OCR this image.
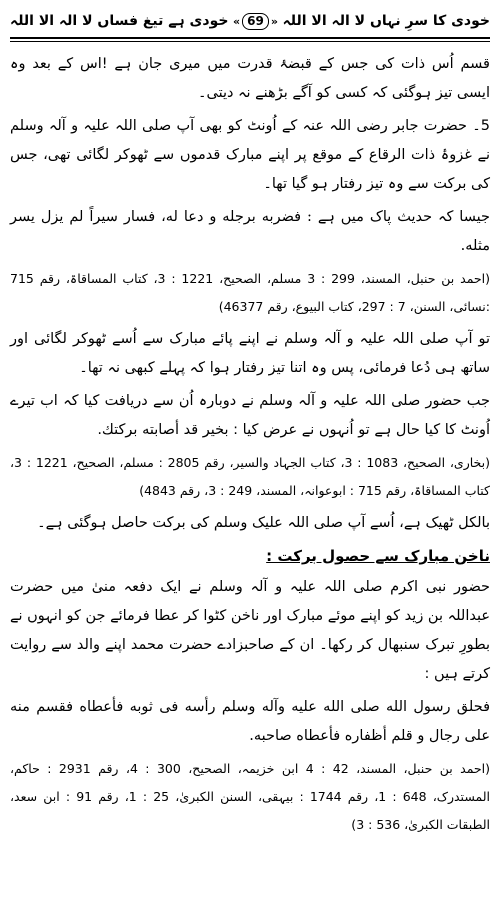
خودی کا سرِ نہاں لا الہ الا اللہ
« 69 »
خودی ہے تیغ فساں لا الہ الا اللہ

قسم اُس ذات کی جس کے قبضۂ قدرت میں میری جان ہے !اس کے بعد وہ ایسی تیز ہوگئی کہ کسی کو آگے بڑھنے نہ دیتی۔

5۔ حضرت جابر رضی اللہ عنہ کے اُونٹ کو بھی آپ صلی اللہ علیہ و آلہ وسلم نے غزوۂ ذات الرقاع کے موقع پر اپنے مبارک قدموں سے ٹھوکر لگائی تھی، جس کی برکت سے وہ تیز رفتار ہو گیا تھا۔

جیسا کہ حدیث پاک میں ہے : فضربه برجله و دعا له، فسار سيراً لم يزل يسر مثله.

(احمد بن حنبل، المسند، 299 : 3 مسلم، الصحیح، 1221 : 3، کتاب المساقاۃ، رقم 715 :نسائی، السنن، 7 : 297، کتاب البیوع، رقم 46377)

تو آپ صلی اللہ علیہ و آلہ وسلم نے اپنے پائے مبارک سے اُسے ٹھوکر لگائی اور ساتھ ہی دُعا فرمائی، پس وہ اتنا تیز رفتار ہوا کہ پہلے کبھی نہ تھا۔

جب حضور صلی اللہ علیہ و آلہ وسلم نے دوبارہ اُن سے دریافت کیا کہ اب تیرے اُونٹ کا کیا حال ہے تو اُنہوں نے عرض کیا : بخير قد أصابته بركتك.

(بخاری، الصحیح، 1083 : 3، کتاب الجہاد والسیر، رقم 2805 : مسلم، الصحیح، 1221 : 3، کتاب المساقاۃ، رقم 715 : ابوعوانہ، المسند، 249 : 3، رقم 4843)

بالکل ٹھیک ہے، اُسے آپ صلی اللہ علیک وسلم کی برکت حاصل ہوگئی ہے۔

ناخن مبارک سے حصول برکت :

حضور نبی اکرم صلی اللہ علیہ و آلہ وسلم نے ایک دفعہ منیٰ میں حضرت عبداللہ بن زید کو اپنے موئے مبارک اور ناخن کٹوا کر عطا فرمائے جن کو انہوں نے بطورِ تبرک سنبھال کر رکھا۔ ان کے صاحبزادے حضرت محمد اپنے والد سے روایت کرتے ہیں :

فحلق رسول الله صلى الله عليه وآله وسلم رأسه فى ثوبه فأعطاه فقسم منه على رجال و قلم أظفاره فأعطاه صاحبه.

(احمد بن حنبل، المسند، 42 : 4 ابن خزیمہ، الصحیح، 300 : 4، رقم 2931 : حاکم، المستدرک، 648 : 1، رقم 1744 : بیہقی، السنن الکبریٰ، 25 : 1، رقم 91 : ابن سعد، الطبقات الکبریٰ، 536 : 3)
